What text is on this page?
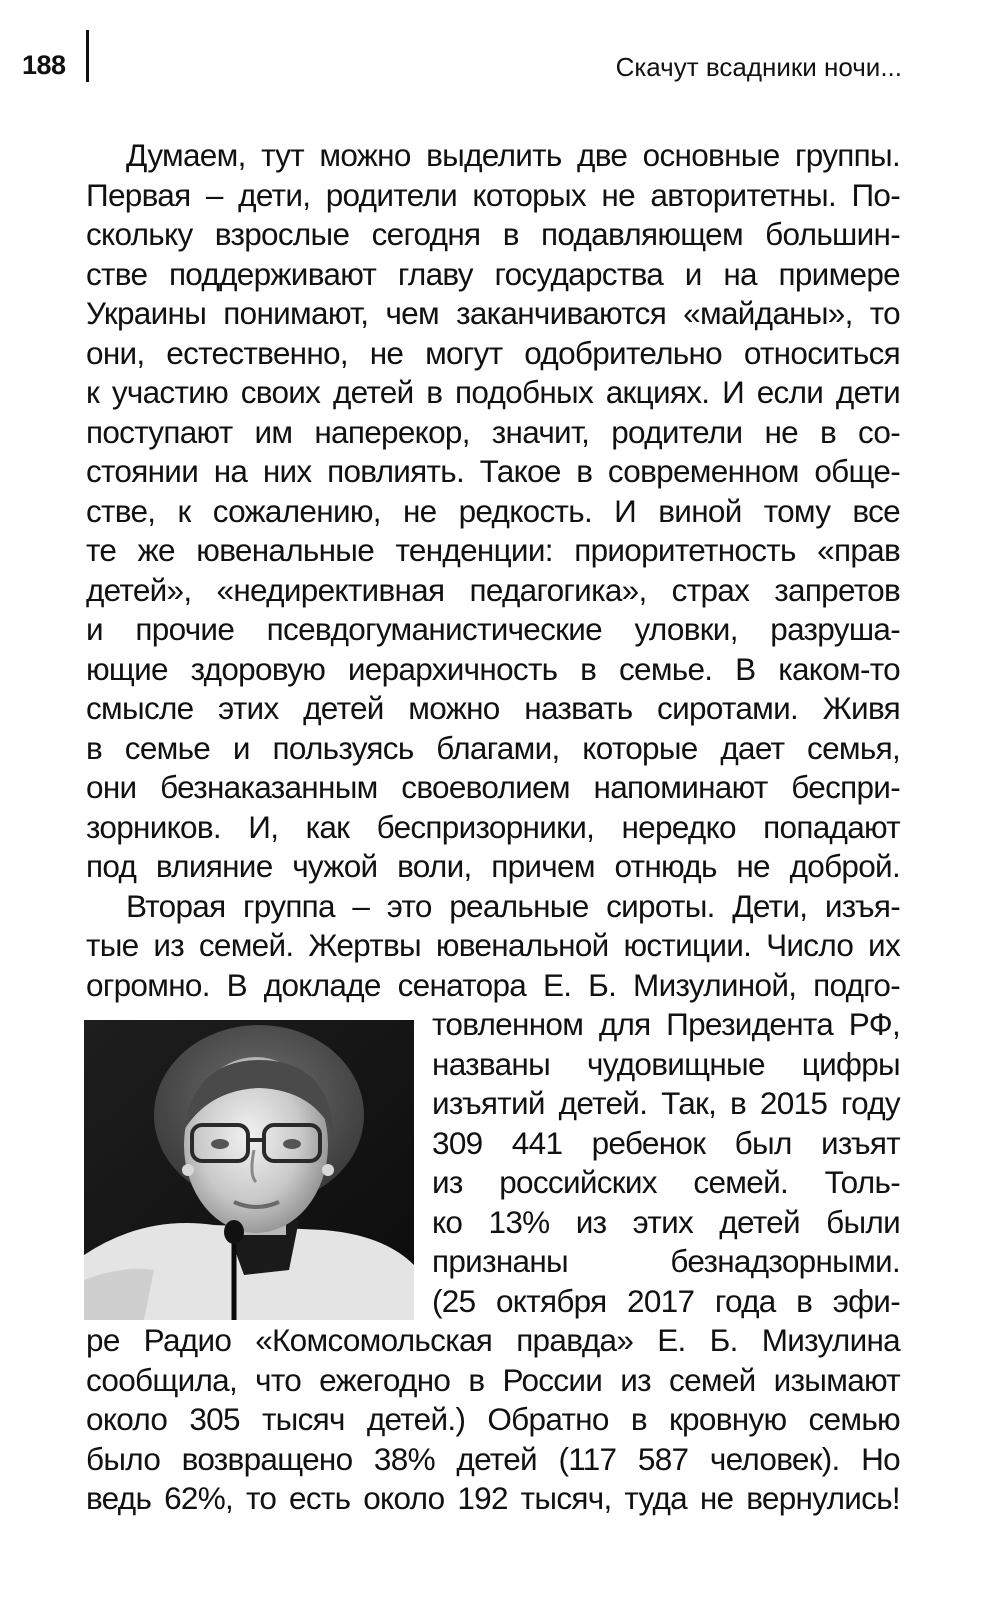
188	Скачут всадники ночи...
Думаем, тут можно выделить две основные группы.
Первая – дети, родители которых не авторитетны. По-
скольку взрослые сегодня в подавляющем большин-
стве поддерживают главу государства и на примере
Украины понимают, чем заканчиваются «майданы», то
они, естественно, не могут одобрительно относиться
к участию своих детей в подобных акциях. И если дети
поступают им наперекор, значит, родители не в со-
стоянии на них повлиять. Такое в современном обще-
стве, к сожалению, не редкость. И виной тому все
те же ювенальные тенденции: приоритетность «прав
детей», «недирективная педагогика», страх запретов
и прочие псевдогуманистические уловки, разруша-
ющие здоровую иерархичность в семье. В каком-то
смысле этих детей можно назвать сиротами. Живя
в семье и пользуясь благами, которые дает семья,
они безнаказанным своеволием напоминают беспри-
зорников. И, как беспризорники, нередко попадают
под влияние чужой воли, причем отнюдь не доброй.
Вторая группа – это реальные сироты. Дети, изъя-
тые из семей. Жертвы ювенальной юстиции. Число их
огромно. В докладе сенатора Е. Б. Мизулиной, подго-
товленном для Президента РФ,
названы чудовищные цифры
изъятий детей. Так, в 2015 году
309 441 ребенок был изъят
из российских семей. Толь-
ко 13% из этих детей были
признаны безнадзорными.
(25 октября 2017 года в эфи-
ре Радио «Комсомольская правда» Е. Б. Мизулина
сообщила, что ежегодно в России из семей изымают
около 305 тысяч детей.) Обратно в кровную семью
было возвращено 38% детей (117 587 человек). Но
ведь 62%, то есть около 192 тысяч, туда не вернулись!
